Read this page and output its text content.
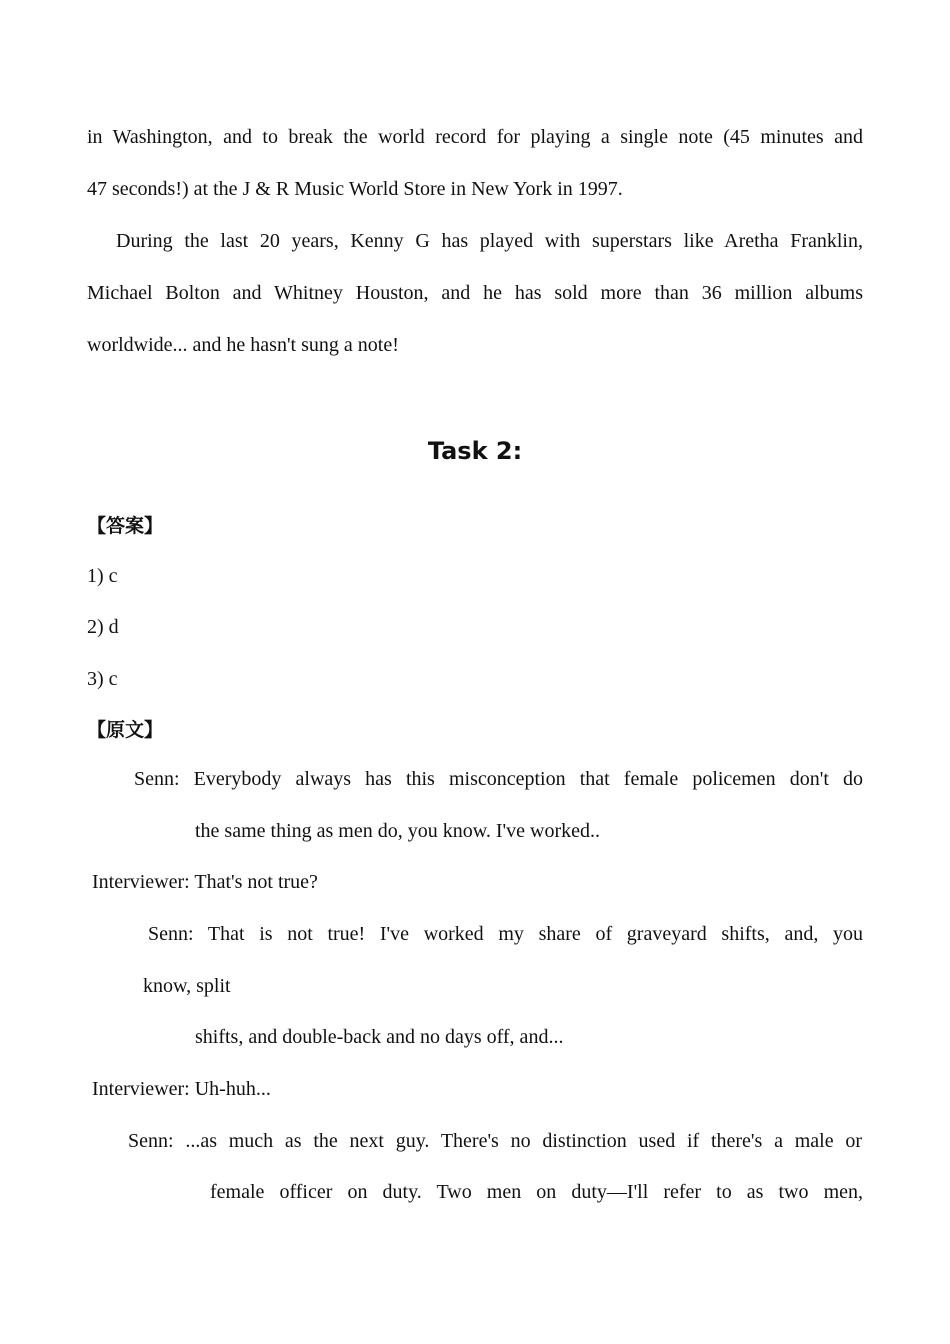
in Washington, and to break the world record for playing a single note (45 minutes and
47 seconds!) at the J & R Music World Store in New York in 1997.
During the last 20 years, Kenny G has played with superstars like Aretha Franklin,
Michael Bolton and Whitney Houston, and he has sold more than 36 million albums
worldwide... and he hasn't sung a note!
Task 2:
【答案】
1) c
2) d
3) c
【原文】
Senn: Everybody always has this misconception that female policemen don't do
the same thing as men do, you know. I've worked..
Interviewer: That's not true?
Senn: That is not true! I've worked my share of graveyard shifts, and, you
know, split
shifts, and double-back and no days off, and...
Interviewer: Uh-huh...
Senn: ...as much as the next guy. There's no distinction used if there's a male or
female officer on duty. Two men on duty—I'll refer to as two men,
